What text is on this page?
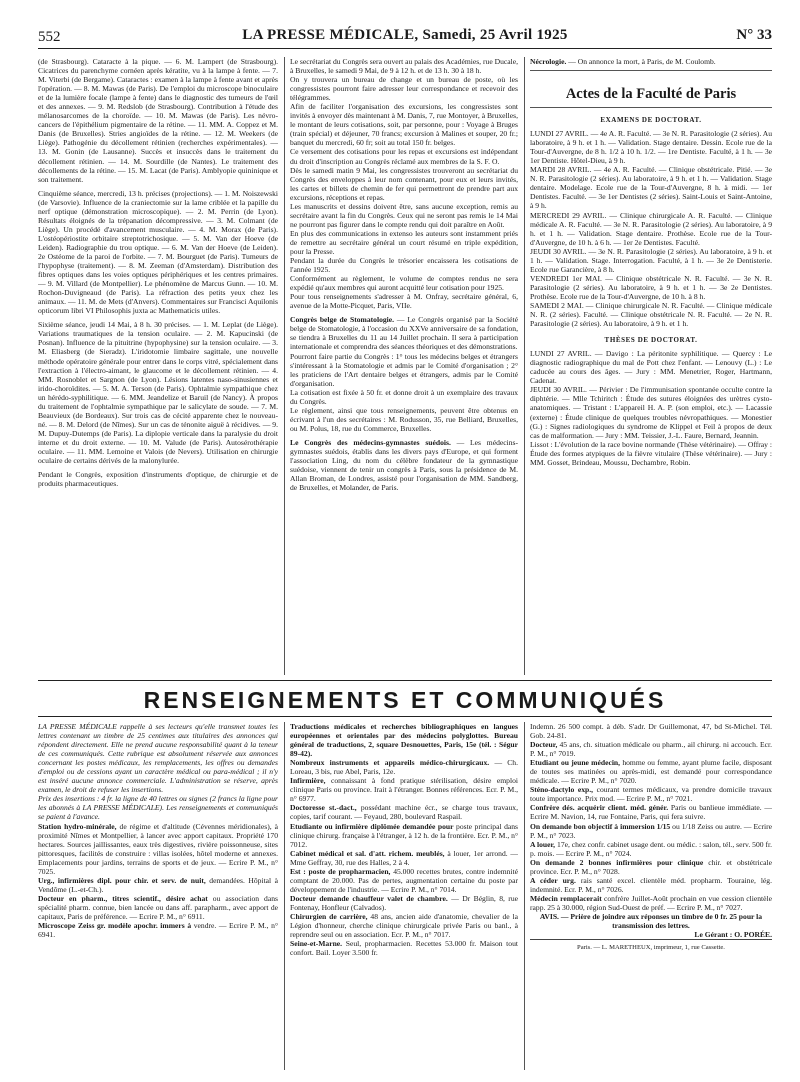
552	LA PRESSE MÉDICALE, Samedi, 25 Avril 1925	N° 33

(de Strasbourg). Cataracte à la pique. — 6. M. Lampert (de Strasbourg). Cicatrices du parenchyme cornéen après kératite, vu à la lampe à fente. — 7. M. Viterbi (de Bergame). Cataractes : examen à la lampe à fente avant et après l'opération. — 8. M. Mawas (de Paris). De l'emploi du microscope binoculaire et de la lumière focale (lampe à fente) dans le diagnostic des tumeurs de l'œil et des annexes. — 9. M. Redslob (de Strasbourg). Contribution à l'étude des mélanosarcomes de la choroïde. — 10. M. Mawas (de Paris). Les névro-cancers de l'épithélium pigmentaire de la rétine. — 11. MM. A. Coppez et M. Danis (de Bruxelles). Stries angioïdes de la rétine. — 12. M. Weekers (de Liège). Pathogénie du décollement rétinien (recherches expérimentales). — 13. M. Gonin (de Lausanne). Succès et insuccès dans le traitement du décollement rétinien. — 14. M. Sourdille (de Nantes). Le traitement des décollements de la rétine. — 15. M. Lacat (de Paris). Amblyopie quininique et son traitement.

Cinquième séance, mercredi, 13 h. précises (projections). — 1. M. Noiszewski (de Varsovie). Influence de la craniectomie sur la lame criblée et la papille du nerf optique (démonstration microscopique). — 2. M. Perrin (de Lyon). Résultats éloignés de la trépanation décompressive. — 3. M. Colmant (de Liège). Un procédé d'avancement musculaire. — 4. M. Morax (de Paris). L'ostéopériostite orbitaire streptotrichosique. — 5. M. Van der Hoeve (de Leiden). Radiographie du trou optique. — 6. M. Van der Hoeve (de Leiden). 2e Ostéome de la paroi de l'orbite. — 7. M. Bourguet (de Paris). Tumeurs de l'hypophyse (traitement). — 8. M. Zeeman (d'Amsterdam). Distribution des fibres optiques dans les voies optiques périphériques et les centres primaires. — 9. M. Villard (de Montpellier). Le phénomène de Marcus Gunn. — 10. M. Rochon-Duvigneaud (de Paris). La réfraction des petits yeux chez les animaux. — 11. M. de Mets (d'Anvers). Commentaires sur Francisci Aquilonis opticorum libri VI Philosophis juxta ac Mathematicis utiles.

Sixième séance, jeudi 14 Mai, à 8 h. 30 précises. — 1. M. Leplat (de Liège). Variations traumatiques de la tension oculaire. — 2. M. Kapucinski (de Posnan). Influence de la pituitrine (hypophysine) sur la tension oculaire. — 3. M. Eliasberg (de Sieradz). L'iridotomie limbaire sagittale, une nouvelle méthode opératoire générale pour entrer dans le corps vitré, spécialement dans l'extraction à l'électro-aimant, le glaucome et le décollement rétinien. — 4. MM. Rosnoblet et Sargnon (de Lyon). Lésions latentes naso-sinusiennes et irido-choroïdites. — 5. M. A. Terson (de Paris). Ophtalmie sympathique chez un hérédo-syphilitique. — 6. MM. Jeandelize et Baruil (de Nancy). À propos du traitement de l'ophtalmie sympathique par le salicylate de soude. — 7. M. Beauvieux (de Bordeaux). Sur trois cas de cécité apparente chez le nouveau-né. — 8. M. Delord (de Nîmes). Sur un cas de ténonite aiguë à récidives. — 9. M. Dupuy-Dutemps (de Paris). La diplopie verticale dans la paralysie du droit interne et du droit externe. — 10. M. Valude (de Paris). Autosérothérapie oculaire. — 11. MM. Lemoine et Valois (de Nevers). Utilisation en chirurgie oculaire de certains dérivés de la malonylurée.

Pendant le Congrès, exposition d'instruments d'optique, de chirurgie et de produits pharmaceutiques.

Le secrétariat du Congrès sera ouvert au palais des Académies, rue Ducale, à Bruxelles, le samedi 9 Mai, de 9 à 12 h. et de 13 h. 30 à 18 h.

On y trouvera un bureau de change et un bureau de poste, où les congressistes pourront faire adresser leur correspondance et recevoir des télégrammes.

Afin de faciliter l'organisation des excursions, les congressistes sont invités à envoyer dès maintenant à M. Danis, 7, rue Montoyer, à Bruxelles, le montant de leurs cotisations, soit, par personne, pour : Voyage à Bruges (train spécial) et déjeuner, 70 francs; excursion à Malines et souper, 20 fr.; banquet du mercredi, 60 fr; soit au total 150 fr. belges.

Ce versement des cotisations pour les repas et excursions est indépendant du droit d'inscription au Congrès réclamé aux membres de la S. F. O.

Dès le samedi matin 9 Mai, les congressistes trouveront au secrétariat du Congrès des enveloppes à leur nom contenant, pour eux et leurs invités, les cartes et billets de chemin de fer qui permettront de prendre part aux excursions, réceptions et repas.

Les manuscrits et dessins doivent être, sans aucune exception, remis au secrétaire avant la fin du Congrès. Ceux qui ne seront pas remis le 14 Mai ne pourront pas figurer dans le compte rendu qui doit paraître en Août.

En plus des communications in extenso les auteurs sont instamment priés de remettre au secrétaire général un court résumé en triple expédition, pour la Presse.

Pendant la durée du Congrès le trésorier encaissera les cotisations de l'année 1925.

Conformément au règlement, le volume de comptes rendus ne sera expédié qu'aux membres qui auront acquitté leur cotisation pour 1925.

Pour tous renseignements s'adresser à M. Onfray, secrétaire général, 6, avenue de la Motte-Picquet, Paris, VIIe.

Congrès belge de Stomatologie. — Le Congrès organisé par la Société belge de Stomatologie, à l'occasion du XXVe anniversaire de sa fondation, se tiendra à Bruxelles du 11 au 14 Juillet prochain. Il sera à participation internationale et comprendra des séances théoriques et des démonstrations.

Pourront faire partie du Congrès : 1° tous les médecins belges et étrangers s'intéressant à la Stomatologie et admis par le Comité d'organisation ; 2° les praticiens de l'Art dentaire belges et étrangers, admis par le Comité d'organisation.

La cotisation est fixée à 50 fr. et donne droit à un exemplaire des travaux du Congrès.

Le règlement, ainsi que tous renseignements, peuvent être obtenus en écrivant à l'un des secrétaires : M. Rodusson, 35, rue Belliard, Bruxelles, ou M. Polus, 18, rue du Commerce, Bruxelles.

Le Congrès des médecins-gymnastes suédois. — Les médecins-gymnastes suédois, établis dans les divers pays d'Europe, et qui forment l'association Ling, du nom du célèbre fondateur de la gymnastique suédoise, viennent de tenir un congrès à Paris, sous la présidence de M. Allan Broman, de Londres, assisté pour l'organisation de MM. Sandberg, de Bruxelles, et Molander, de Paris.

Nécrologie. — On annonce la mort, à Paris, de M. Coulomb.

Actes de la Faculté de Paris
EXAMENS DE DOCTORAT.

LUNDI 27 AVRIL. — 4e A. R. Faculté. — 3e N. R. Parasitologie (2 séries). Au laboratoire, à 9 h. et 1 h. — Validation. Stage dentaire. Dessin. Ecole rue de la Tour-d'Auvergne, de 8 h. 1/2 à 10 h. 1/2. — 1re Dentiste. Faculté, à 1 h. — 3e 1er Dentiste. Hôtel-Dieu, à 9 h.

MARDI 28 AVRIL. — 4e A. R. Faculté. — Clinique obstétricale. Pitié. — 3e N. R. Parasitologie (2 séries). Au laboratoire, à 9 h. et 1 h. — Validation. Stage dentaire. Modelage. Ecole rue de la Tour-d'Auvergne, 8 h. à midi. — 1er Dentistes. Faculté. — 3e 1er Dentistes (2 séries). Saint-Louis et Saint-Antoine, à 9 h.

MERCREDI 29 AVRIL. — Clinique chirurgicale A. R. Faculté. — Clinique médicale A. R. Faculté. — 3e N. R. Parasitologie (2 séries). Au laboratoire, à 9 h. et 1 h. — Validation. Stage dentaire. Prothèse. Ecole rue de la Tour-d'Auvergne, de 10 h. à 6 h. — 1er 2e Dentistes. Faculté.

JEUDI 30 AVRIL. — 3e N. R. Parasitologie (2 séries). Au laboratoire, à 9 h. et 1 h. — Validation. Stage. Interrogation. Faculté, à 1 h. — 3e 2e Dentisterie. Ecole rue Garancière, à 8 h.

VENDREDI 1er MAI. — Clinique obstétricale N. R. Faculté. — 3e N. R. Parasitologie (2 séries). Au laboratoire, à 9 h. et 1 h. — 3e 2e Dentistes. Prothèse. Ecole rue de la Tour-d'Auvergne, de 10 h. à 8 h.

SAMEDI 2 MAI. — Clinique chirurgicale N. R. Faculté. — Clinique médicale N. R. (2 séries). Faculté. — Clinique obstétricale N. R. Faculté. — 2e N. R. Parasitologie (2 séries). Au laboratoire, à 9 h. et 1 h.

THÈSES DE DOCTORAT.

LUNDI 27 AVRIL. — Davigo : La péritonite syphilitique. — Quercy : Le diagnostic radiographique du mal de Pott chez l'enfant. — Lenouvy (L.) : Le caducée au cours des âges. — Jury : MM. Menetrier, Roger, Hartmann, Cadenat.

JEUDI 30 AVRIL. — Périvier : De l'immunisation spontanée occulte contre la diphtérie. — Mlle Tchiritch : Étude des sutures éloignées des urètres cysto-anatomiques. — Tristant : L'appareil H. A. P. (son emploi, etc.). — Lacassie (externe) : Étude clinique de quelques troubles névropathiques. — Monestier (G.) : Signes radiologiques du syndrome de Klippel et Feil à propos de deux cas de malformation. — Jury : MM. Teissier, J.-L. Faure, Bernard, Jeannin.

Lissot : L'évolution de la race bovine normande (Thèse vétérinaire). — Offray : Étude des formes atypiques de la fièvre vitulaire (Thèse vétérinaire). — Jury : MM. Gosset, Brindeau, Moussu, Dechambre, Robin.

RENSEIGNEMENTS ET COMMUNIQUÉS

LA PRESSE MÉDICALE rappelle à ses lecteurs qu'elle transmet toutes les lettres contenant un timbre de 25 centimes aux titulaires des annonces qui répondent directement. Elle ne prend aucune responsabilité quant à la teneur de ces communiqués. Cette rubrique est absolument réservée aux annonces concernant les postes médicaux, les remplacements, les offres ou demandes d'emploi ou de cessions ayant un caractère médical ou para-médical ; il n'y est inséré aucune annonce commerciale. L'administration se réserve, après examen, le droit de refuser les insertions.

Prix des insertions : 4 fr. la ligne de 40 lettres ou signes (2 francs la ligne pour les abonnés à LA PRESSE MÉDICALE). Les renseignements et communiqués se paient à l'avance.

Station hydro-minérale, de régime et d'altitude (Cévennes méridionales), à proximité Nîmes et Montpellier, à lancer avec apport capitaux. Propriété 170 hectares. Sources jaillissantes, eaux très digestives, rivière poissonneuse, sites pittoresques, facilités de construire : villas isolées, hôtel moderne et annexes. Emplacements pour jardins, terrains de sports et de jeux. — Ecrire P. M., n° 7025.

Urg., infirmières dipl. pour chir. et serv. de nuit, demandées. Hôpital à Vendôme (L.-et-Ch.).

Docteur en pharm., titres scientif., désire achat ou association dans spécialité pharm. connue, bien lancée ou dans aff. parapharm., avec apport de capitaux, Paris de préférence. — Ecrire P. M., n° 6911.

Microscope Zeiss gr. modèle apochr. immers à vendre. — Ecrire P. M., n° 6941.

Traductions médicales et recherches bibliographiques en langues européennes et orientales par des médecins polyglottes. Bureau général de traductions, 2, square Desnouettes, Paris, 15e (tél. : Ségur 89-42).

Nombreux instruments et appareils médico-chirurgicaux. — Ch. Loreau, 3 bis, rue Abel, Paris, 12e.

Infirmière, connaissant à fond pratique stérilisation, désire emploi clinique Paris ou province. Irait à l'étranger. Bonnes références. Ecr. P. M., n° 6977.

Doctoresse st.-dact., possédant machine écr., se charge tous travaux, copies, tarif courant. — Feyaud, 280, boulevard Raspail.

Etudiante ou infirmière diplômée demandée pour poste principal dans clinique chirurg. française à l'étranger, à 12 h. de la frontière. Ecr. P. M., n° 7012.

Cabinet médical et sal. d'att. richem. meublés, à louer, 1er arrond. — Mme Geffray, 30, rue des Halles, 2 à 4.

Est : poste de propharmacien, 45.000 recettes brutes, contre indemnité comptant de 20.000. Pas de pertes, augmentation certaine du poste par développement de l'industrie. — Ecrire P. M., n° 7014.

Docteur demande chauffeur valet de chambre. — Dr Béglin, 8, rue Fontenay, Honfleur (Calvados).

Chirurgien de carrière, 48 ans, ancien aide d'anatomie, chevalier de la Légion d'honneur, cherche clinique chirurgicale privée Paris ou banl., à reprendre seul ou en association. Ecr. P. M., n° 7017.

Seine-et-Marne. Seul, propharmacien. Recettes 53.000 fr. Maison tout confort. Bail. Loyer 3.500 fr.

Indemn. 26 500 compt. à déb. S'adr. Dr Guillemonat, 47, bd St-Michel. Tél. Gob. 24-81.

Docteur, 45 ans, ch. situation médicale ou pharm., ail chirurg. ni accouch. Ecr. P. M., n° 7019.

Etudiant ou jeune médecin, homme ou femme, ayant plume facile, disposant de toutes ses matinées ou après-midi, est demandé pour correspondance médicale. — Ecrire P. M., n° 7020.

Sténo-dactylo exp., courant termes médicaux, va prendre domicile travaux toute importance. Prix mod. — Ecrire P. M., n° 7021.

Confrère dés. acquérir client. méd. génér. Paris ou banlieue immédiate. — Ecrire M. Navion, 14, rue Fontaine, Paris, qui fera suivre.

On demande bon objectif à immersion 1/15 ou 1/18 Zeiss ou autre. — Ecrire P. M., n° 7023.

A louer, 17e, chez confr. cabinet usage dent. ou médic. : salon, tél., serv. 500 fr. p. mois. — Ecrire P. M., n° 7024.

On demande 2 bonnes infirmières pour clinique chir. et obstétricale province. Ecr. P. M., n° 7028.

A céder urg. rais santé excel. clientèle méd. propharm. Touraine, lég. indemnité. Ecr. P. M., n° 7026.

Médecin remplacerait confrère Juillet-Août prochain en vue cession clientèle rapp. 25 à 30.000, région Sud-Ouest de préf. — Ecrire P. M., n° 7027.

AVIS. — Prière de joindre aux réponses un timbre de 0 fr. 25 pour la transmission des lettres.

Le Gérant : O. PORÉE.

Paris. — L. MARETHEUX, imprimeur, 1, rue Cassette.
